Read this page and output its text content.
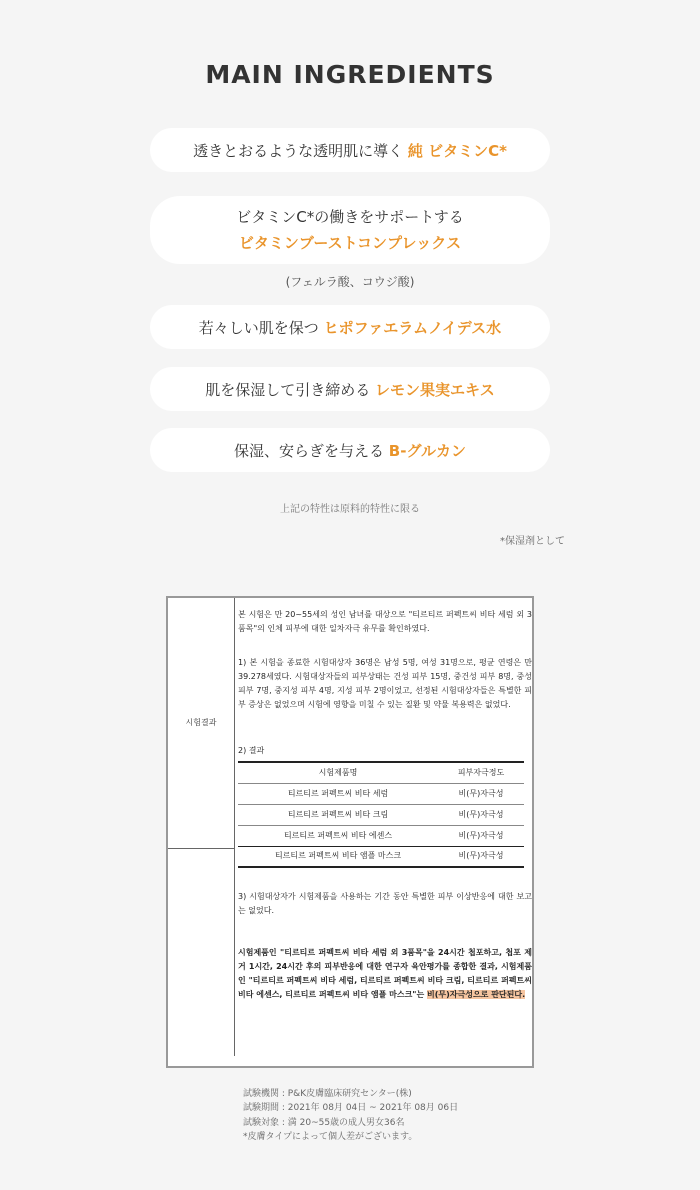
MAIN INGREDIENTS
透きとおるような透明肌に導く 純 ビタミンC*
ビタミンC*の働きをサポートする
ビタミンブーストコンプレックス
(フェルラ酸、コウジ酸)
若々しい肌を保つ ヒポファエラムノイデス水
肌を保湿して引き締める レモン果実エキス
保湿、安らぎを与える B-グルカン
上記の特性は原料的特性に限る
*保湿剤として
시험결과
본 시험은 만 20~55세의 성인 남녀를 대상으로 "티르티르 퍼펙트씨 비타 세럼 외 3품목"의 인체 피부에 대한 일차자극 유무를 확인하였다.
1) 본 시험을 종료한 시험대상자 36명은 남성 5명, 여성 31명으로, 평균 연령은 만 39.278세였다. 시험대상자들의 피부상태는 건성 피부 15명, 중건성 피부 8명, 중성 피부 7명, 중지성 피부 4명, 지성 피부 2명이었고, 선정된 시험대상자들은 특별한 피부 증상은 없었으며 시험에 영향을 미칠 수 있는 질환 및 약물 복용력은 없었다.
2) 결과
시험제품명	피부자극정도
티르티르 퍼펙트씨 비타 세럼	비(무)자극성
티르티르 퍼펙트씨 비타 크림	비(무)자극성
티르티르 퍼펙트씨 비타 에센스	비(무)자극성
티르티르 퍼펙트씨 비타 앰플 마스크	비(무)자극성
3) 시험대상자가 시험제품을 사용하는 기간 동안 특별한 피부 이상반응에 대한 보고는 없었다.
시험제품인 "티르티르 퍼펙트씨 비타 세럼 외 3품목"을 24시간 첩포하고, 첩포 제거 1시간, 24시간 후의 피부반응에 대한 연구자 육안평가를 종합한 결과, 시험제품인 "티르티르 퍼펙트씨 비타 세럼, 티르티르 퍼펙트씨 비타 크림, 티르티르 퍼펙트씨 비타 에센스, 티르티르 퍼펙트씨 비타 앰플 마스크"는 비(무)자극성으로 판단된다.
試験機関 : P&K皮膚臨床研究センター(株)
試験期間 : 2021年 08月 04日 ~ 2021年 08月 06日
試験対象 : 満 20~55歳の成人男女36名
*皮膚タイプによって個人差がございます。
